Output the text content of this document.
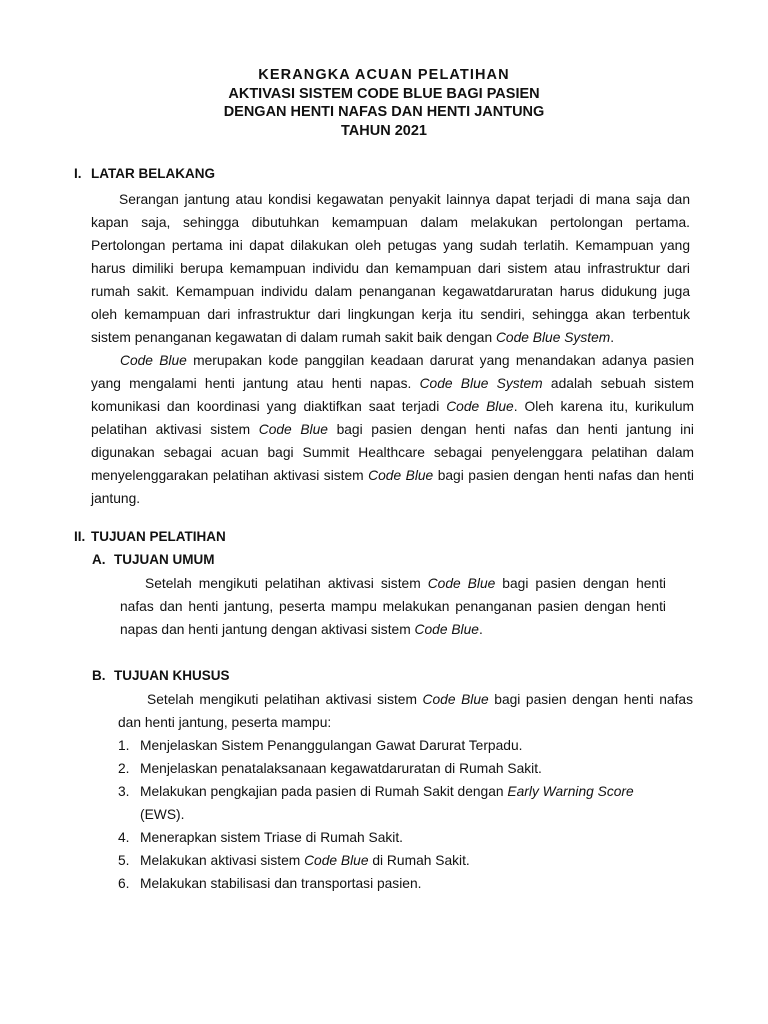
KERANGKA ACUAN PELATIHAN
AKTIVASI SISTEM CODE BLUE BAGI PASIEN
DENGAN HENTI NAFAS DAN HENTI JANTUNG
TAHUN 2021
I. LATAR BELAKANG

Serangan jantung atau kondisi kegawatan penyakit lainnya dapat terjadi di mana saja dan kapan saja, sehingga dibutuhkan kemampuan dalam melakukan pertolongan pertama. Pertolongan pertama ini dapat dilakukan oleh petugas yang sudah terlatih. Kemampuan yang harus dimiliki berupa kemampuan individu dan kemampuan dari sistem atau infrastruktur dari rumah sakit. Kemampuan individu dalam penanganan kegawatdaruratan harus didukung juga oleh kemampuan dari infrastruktur dari lingkungan kerja itu sendiri, sehingga akan terbentuk sistem penanganan kegawatan di dalam rumah sakit baik dengan Code Blue System.

Code Blue merupakan kode panggilan keadaan darurat yang menandakan adanya pasien yang mengalami henti jantung atau henti napas. Code Blue System adalah sebuah sistem komunikasi dan koordinasi yang diaktifkan saat terjadi Code Blue. Oleh karena itu, kurikulum pelatihan aktivasi sistem Code Blue bagi pasien dengan henti nafas dan henti jantung ini digunakan sebagai acuan bagi Summit Healthcare sebagai penyelenggara pelatihan dalam menyelenggarakan pelatihan aktivasi sistem Code Blue bagi pasien dengan henti nafas dan henti jantung.

II. TUJUAN PELATIHAN
A. TUJUAN UMUM

Setelah mengikuti pelatihan aktivasi sistem Code Blue bagi pasien dengan henti nafas dan henti jantung, peserta mampu melakukan penanganan pasien dengan henti napas dan henti jantung dengan aktivasi sistem Code Blue.

B. TUJUAN KHUSUS

Setelah mengikuti pelatihan aktivasi sistem Code Blue bagi pasien dengan henti nafas dan henti jantung, peserta mampu:

1. Menjelaskan Sistem Penanggulangan Gawat Darurat Terpadu.
2. Menjelaskan penatalaksanaan kegawatdaruratan di Rumah Sakit.
3. Melakukan pengkajian pada pasien di Rumah Sakit dengan Early Warning Score (EWS).
4. Menerapkan sistem Triase di Rumah Sakit.
5. Melakukan aktivasi sistem Code Blue di Rumah Sakit.
6. Melakukan stabilisasi dan transportasi pasien.
